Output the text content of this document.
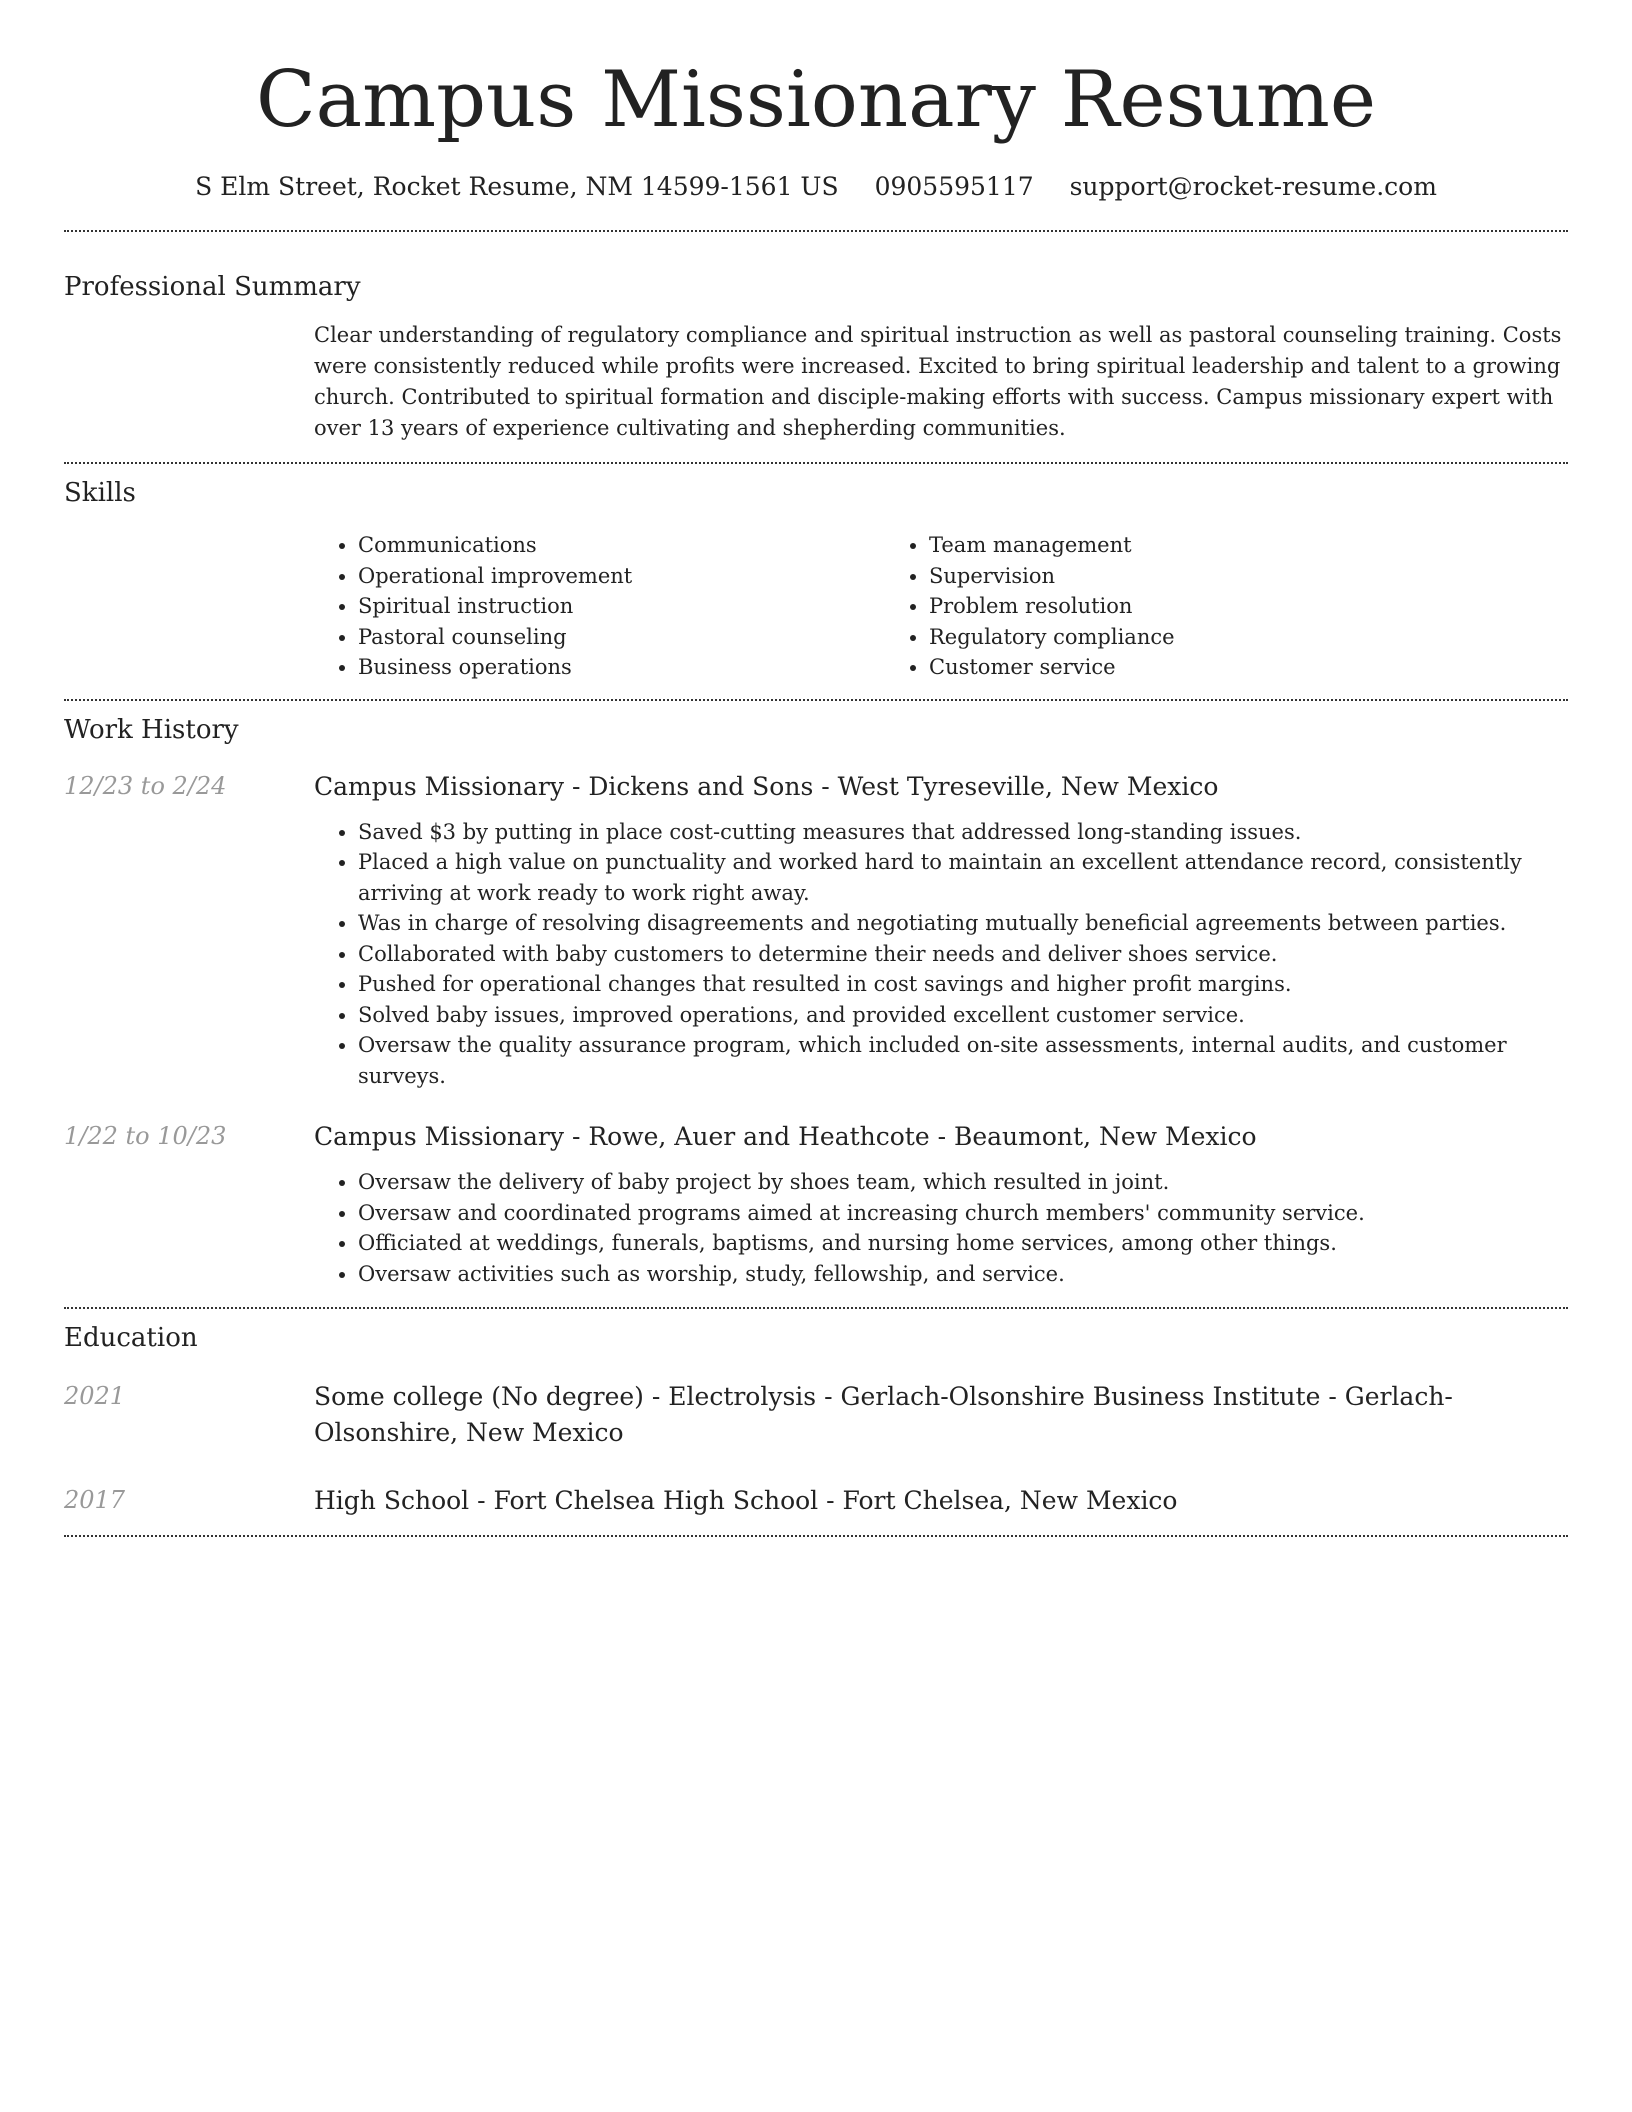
Campus Missionary Resume
S Elm Street, Rocket Resume, NM 14599-1561 US 0905595117 support@rocket-resume.com
Professional Summary

Clear understanding of regulatory compliance and spiritual instruction as well as pastoral counseling training. Costs were consistently reduced while profits were increased. Excited to bring spiritual leadership and talent to a growing church. Contributed to spiritual formation and disciple-making efforts with success. Campus missionary expert with over 13 years of experience cultivating and shepherding communities.

Skills
• Communications
• Operational improvement
• Spiritual instruction
• Pastoral counseling
• Business operations
• Team management
• Supervision
• Problem resolution
• Regulatory compliance
• Customer service
Work History
12/23 to 2/24	Campus Missionary - Dickens and Sons - West Tyreseville, New Mexico
• Saved $3 by putting in place cost-cutting measures that addressed long-standing issues.
• Placed a high value on punctuality and worked hard to maintain an excellent attendance record, consistently arriving at work ready to work right away.
• Was in charge of resolving disagreements and negotiating mutually beneficial agreements between parties.
• Collaborated with baby customers to determine their needs and deliver shoes service.
• Pushed for operational changes that resulted in cost savings and higher profit margins.
• Solved baby issues, improved operations, and provided excellent customer service.
• Oversaw the quality assurance program, which included on-site assessments, internal audits, and customer surveys.
1/22 to 10/23	Campus Missionary - Rowe, Auer and Heathcote - Beaumont, New Mexico
• Oversaw the delivery of baby project by shoes team, which resulted in joint.
• Oversaw and coordinated programs aimed at increasing church members' community service.
• Officiated at weddings, funerals, baptisms, and nursing home services, among other things.
• Oversaw activities such as worship, study, fellowship, and service.
Education
2021	Some college (No degree) - Electrolysis - Gerlach-Olsonshire Business Institute - Gerlach-Olsonshire, New Mexico
2017	High School - Fort Chelsea High School - Fort Chelsea, New Mexico
